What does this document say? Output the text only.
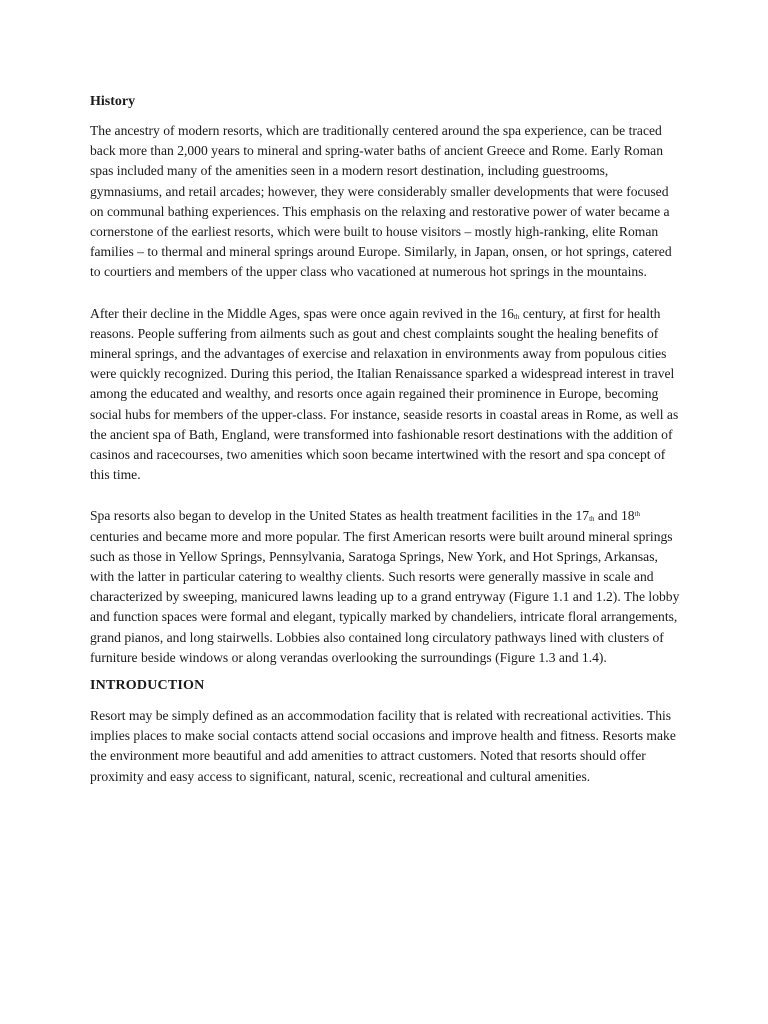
History

The ancestry of modern resorts, which are traditionally centered around the spa experience, can be traced back more than 2,000 years to mineral and spring-water baths of ancient Greece and Rome. Early Roman spas included many of the amenities seen in a modern resort destination, including guestrooms, gymnasiums, and retail arcades; however, they were considerably smaller developments that were focused on communal bathing experiences. This emphasis on the relaxing and restorative power of water became a cornerstone of the earliest resorts, which were built to house visitors – mostly high-ranking, elite Roman families – to thermal and mineral springs around Europe. Similarly, in Japan, onsen, or hot springs, catered to courtiers and members of the upper class who vacationed at numerous hot springs in the mountains.

After their decline in the Middle Ages, spas were once again revived in the $16_{th}$ century, at first for health reasons. People suffering from ailments such as gout and chest complaints sought the healing benefits of mineral springs, and the advantages of exercise and relaxation in environments away from populous cities were quickly recognized. During this period, the Italian Renaissance sparked a widespread interest in travel among the educated and wealthy, and resorts once again regained their prominence in Europe, becoming social hubs for members of the upper-class. For instance, seaside resorts in coastal areas in Rome, as well as the ancient spa of Bath, England, were transformed into fashionable resort destinations with the addition of casinos and racecourses, two amenities which soon became intertwined with the resort and spa concept of this time.

Spa resorts also began to develop in the United States as health treatment facilities in the $17_{th}$ and 18th centuries and became more and more popular. The first American resorts were built around mineral springs such as those in Yellow Springs, Pennsylvania, Saratoga Springs, New York, and Hot Springs, Arkansas, with the latter in particular catering to wealthy clients. Such resorts were generally massive in scale and characterized by sweeping, manicured lawns leading up to a grand entryway (Figure 1.1 and 1.2). The lobby and function spaces were formal and elegant, typically marked by chandeliers, intricate floral arrangements, grand pianos, and long stairwells. Lobbies also contained long circulatory pathways lined with clusters of furniture beside windows or along verandas overlooking the surroundings (Figure 1.3 and 1.4).

INTRODUCTION

Resort may be simply defined as an accommodation facility that is related with recreational activities. This implies places to make social contacts attend social occasions and improve health and fitness. Resorts make the environment more beautiful and add amenities to attract customers. Noted that resorts should offer proximity and easy access to significant, natural, scenic, recreational and cultural amenities.
